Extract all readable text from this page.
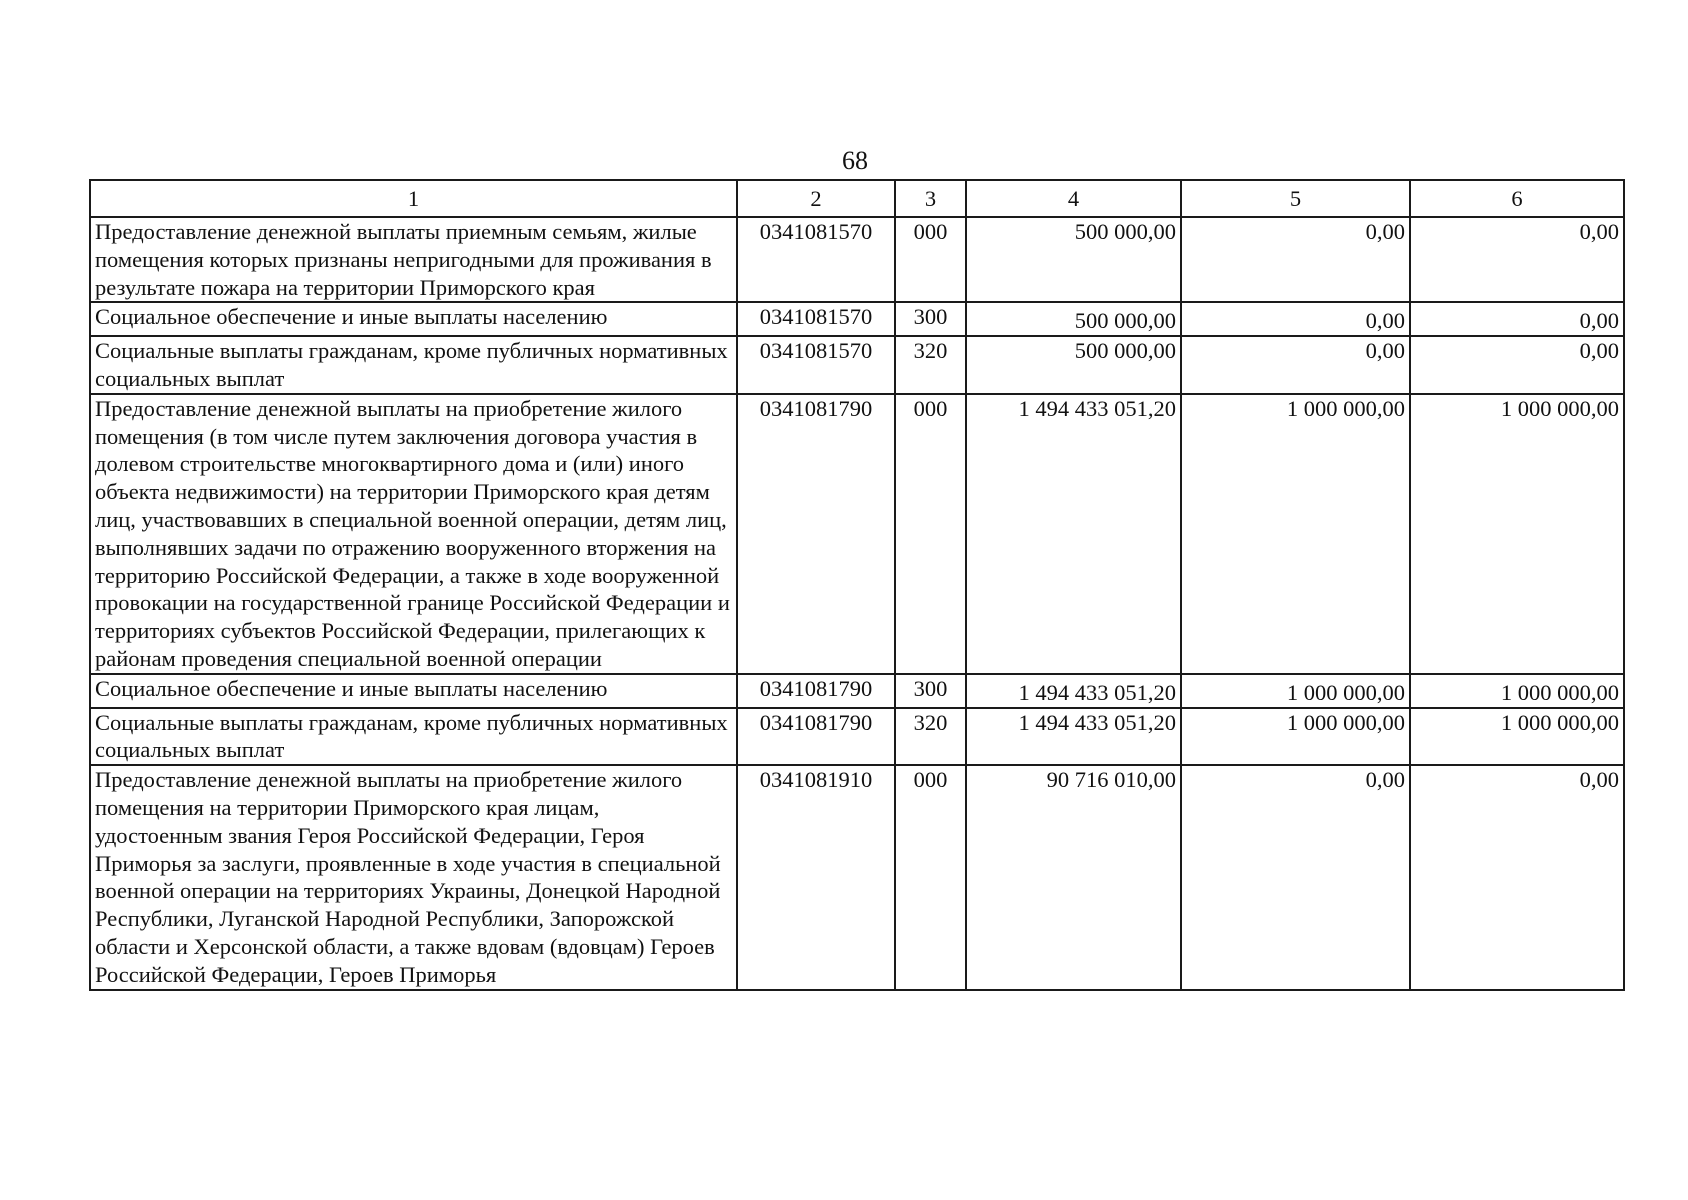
68
1	2	3	4	5	6
Предоставление денежной выплаты приемным семьям, жилые помещения которых признаны непригодными для проживания в результате пожара на территории Приморского края	0341081570	000	500 000,00	0,00	0,00
Социальное обеспечение и иные выплаты населению	0341081570	300	500 000,00	0,00	0,00
Социальные выплаты гражданам, кроме публичных нормативных социальных выплат	0341081570	320	500 000,00	0,00	0,00
Предоставление денежной выплаты на приобретение жилого помещения (в том числе путем заключения договора участия в долевом строительстве многоквартирного дома и (или) иного объекта недвижимости) на территории Приморского края детям лиц, участвовавших в специальной военной операции, детям лиц, выполнявших задачи по отражению вооруженного вторжения на территорию Российской Федерации, а также в ходе вооруженной провокации на государственной границе Российской Федерации и территориях субъектов Российской Федерации, прилегающих к районам проведения специальной военной операции	0341081790	000	1 494 433 051,20	1 000 000,00	1 000 000,00
Социальное обеспечение и иные выплаты населению	0341081790	300	1 494 433 051,20	1 000 000,00	1 000 000,00
Социальные выплаты гражданам, кроме публичных нормативных социальных выплат	0341081790	320	1 494 433 051,20	1 000 000,00	1 000 000,00
Предоставление денежной выплаты на приобретение жилого помещения на территории Приморского края лицам, удостоенным звания Героя Российской Федерации, Героя Приморья за заслуги, проявленные в ходе участия в специальной военной операции на территориях Украины, Донецкой Народной Республики, Луганской Народной Республики, Запорожской области и Херсонской области, а также вдовам (вдовцам) Героев Российской Федерации, Героев Приморья	0341081910	000	90 716 010,00	0,00	0,00
